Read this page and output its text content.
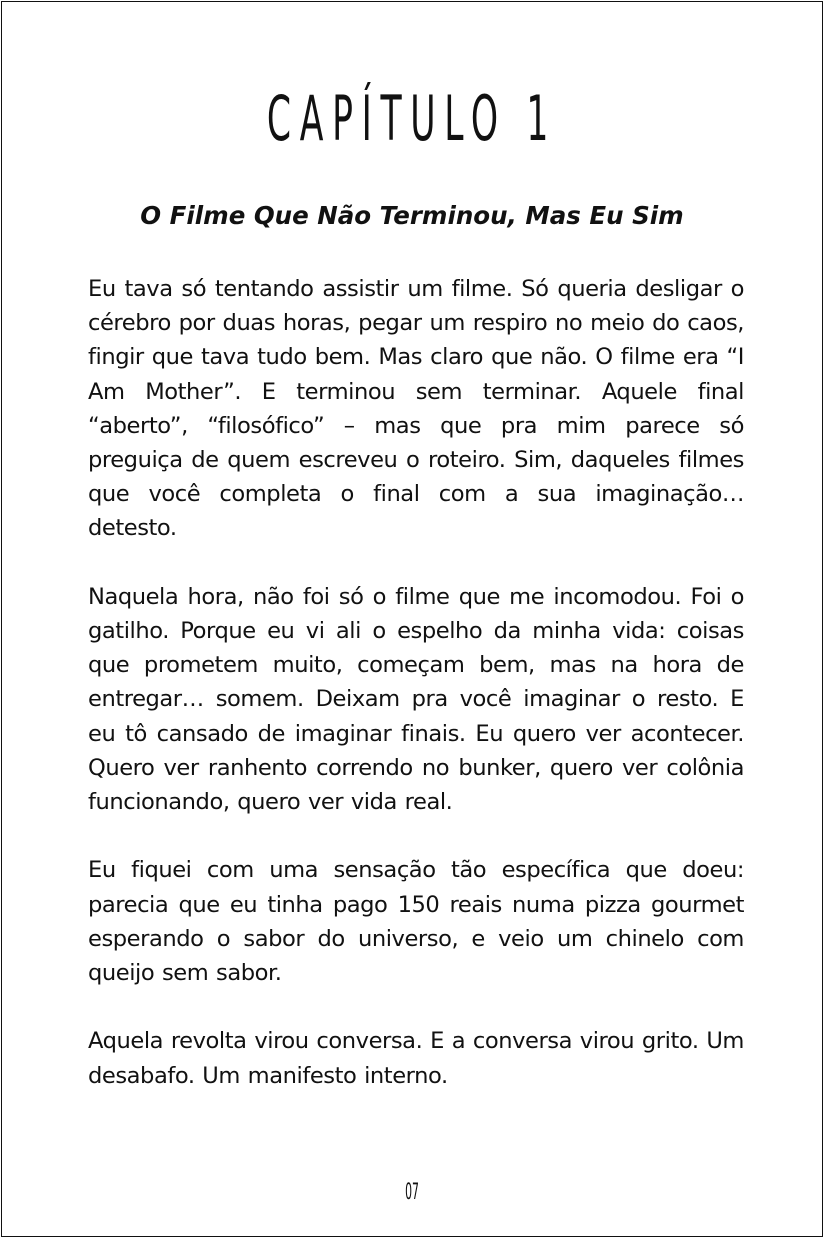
CAPÍTULO 1
O Filme Que Não Terminou, Mas Eu Sim

Eu tava só tentando assistir um filme. Só queria desligar o cérebro por duas horas, pegar um respiro no meio do caos, fingir que tava tudo bem. Mas claro que não. O filme era “I Am Mother”. E terminou sem terminar. Aquele final “aberto”, “filosófico” – mas que pra mim parece só preguiça de quem escreveu o roteiro. Sim, daqueles filmes que você completa o final com a sua imaginação… detesto.

Naquela hora, não foi só o filme que me incomodou. Foi o gatilho. Porque eu vi ali o espelho da minha vida: coisas que prometem muito, começam bem, mas na hora de entregar… somem. Deixam pra você imaginar o resto. E eu tô cansado de imaginar finais. Eu quero ver acontecer. Quero ver ranhento correndo no bunker, quero ver colônia funcionando, quero ver vida real.

Eu fiquei com uma sensação tão específica que doeu: parecia que eu tinha pago 150 reais numa pizza gourmet esperando o sabor do universo, e veio um chinelo com queijo sem sabor.

Aquela revolta virou conversa. E a conversa virou grito. Um desabafo. Um manifesto interno.

07
